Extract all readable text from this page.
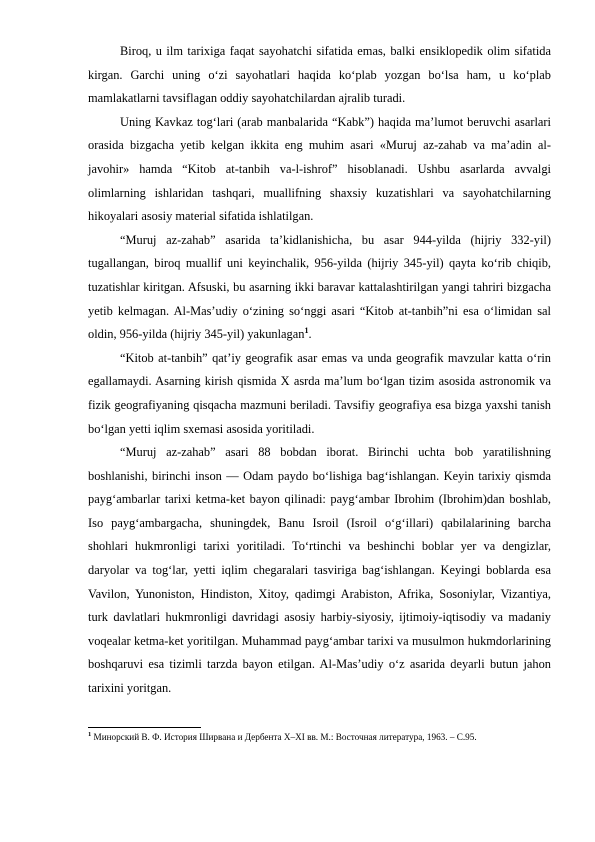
Biroq, u ilm tarixiga faqat sayohatchi sifatida emas, balki ensiklopedik olim sifatida kirgan. Garchi uning o‘zi sayohatlari haqida ko‘plab yozgan bo‘lsa ham, u ko‘plab mamlakatlarni tavsiflagan oddiy sayohatchilardan ajralib turadi.

Uning Kavkaz tog‘lari (arab manbalarida “Kabk”) haqida ma’lumot beruvchi asarlari orasida bizgacha yetib kelgan ikkita eng muhim asari «Muruj az-zahab va ma’adin al-javohir» hamda “Kitob at-tanbih va-l-ishrof” hisoblanadi. Ushbu asarlarda avvalgi olimlarning ishlaridan tashqari, muallifning shaxsiy kuzatishlari va sayohatchilarning hikoyalari asosiy material sifatida ishlatilgan.

“Muruj az-zahab” asarida ta’kidlanishicha, bu asar 944-yilda (hijriy 332-yil) tugallangan, biroq muallif uni keyinchalik, 956-yilda (hijriy 345-yil) qayta ko‘rib chiqib, tuzatishlar kiritgan. Afsuski, bu asarning ikki baravar kattalashtirilgan yangi tahriri bizgacha yetib kelmagan. Al-Mas’udiy o‘zining so‘nggi asari “Kitob at-tanbih”ni esa o‘limidan sal oldin, 956-yilda (hijriy 345-yil) yakunlagan$^1$.

“Kitob at-tanbih” qat’iy geografik asar emas va unda geografik mavzular katta o‘rin egallamaydi. Asarning kirish qismida X asrda ma’lum bo‘lgan tizim asosida astronomik va fizik geografiyaning qisqacha mazmuni beriladi. Tavsifiy geografiya esa bizga yaxshi tanish bo‘lgan yetti iqlim sxemasi asosida yoritiladi.

“Muruj az-zahab” asari 88 bobdan iborat. Birinchi uchta bob yaratilishning boshlanishi, birinchi inson — Odam paydo bo‘lishiga bag‘ishlangan. Keyin tarixiy qismda payg‘ambarlar tarixi ketma-ket bayon qilinadi: payg‘ambar Ibrohim (Ibrohim)dan boshlab, Iso payg‘ambargacha, shuningdek, Banu Isroil (Isroil o‘g‘illari) qabilalarining barcha shohlari hukmronligi tarixi yoritiladi. To‘rtinchi va beshinchi boblar yer va dengizlar, daryolar va tog‘lar, yetti iqlim chegaralari tasviriga bag‘ishlangan. Keyingi boblarda esa Vavilon, Yunoniston, Hindiston, Xitoy, qadimgi Arabiston, Afrika, Sosoniylar, Vizantiya, turk davlatlari hukmronligi davridagi asosiy harbiy-siyosiy, ijtimoiy-iqtisodiy va madaniy voqealar ketma-ket yoritilgan. Muhammad payg‘ambar tarixi va musulmon hukmdorlarining boshqaruvi esa tizimli tarzda bayon etilgan. Al-Mas’udiy o‘z asarida deyarli butun jahon tarixini yoritgan.

$^1$ Минорский В. Ф. История Ширвана и Дербента X–XI вв. М.: Восточная литература, 1963. – С.95.
